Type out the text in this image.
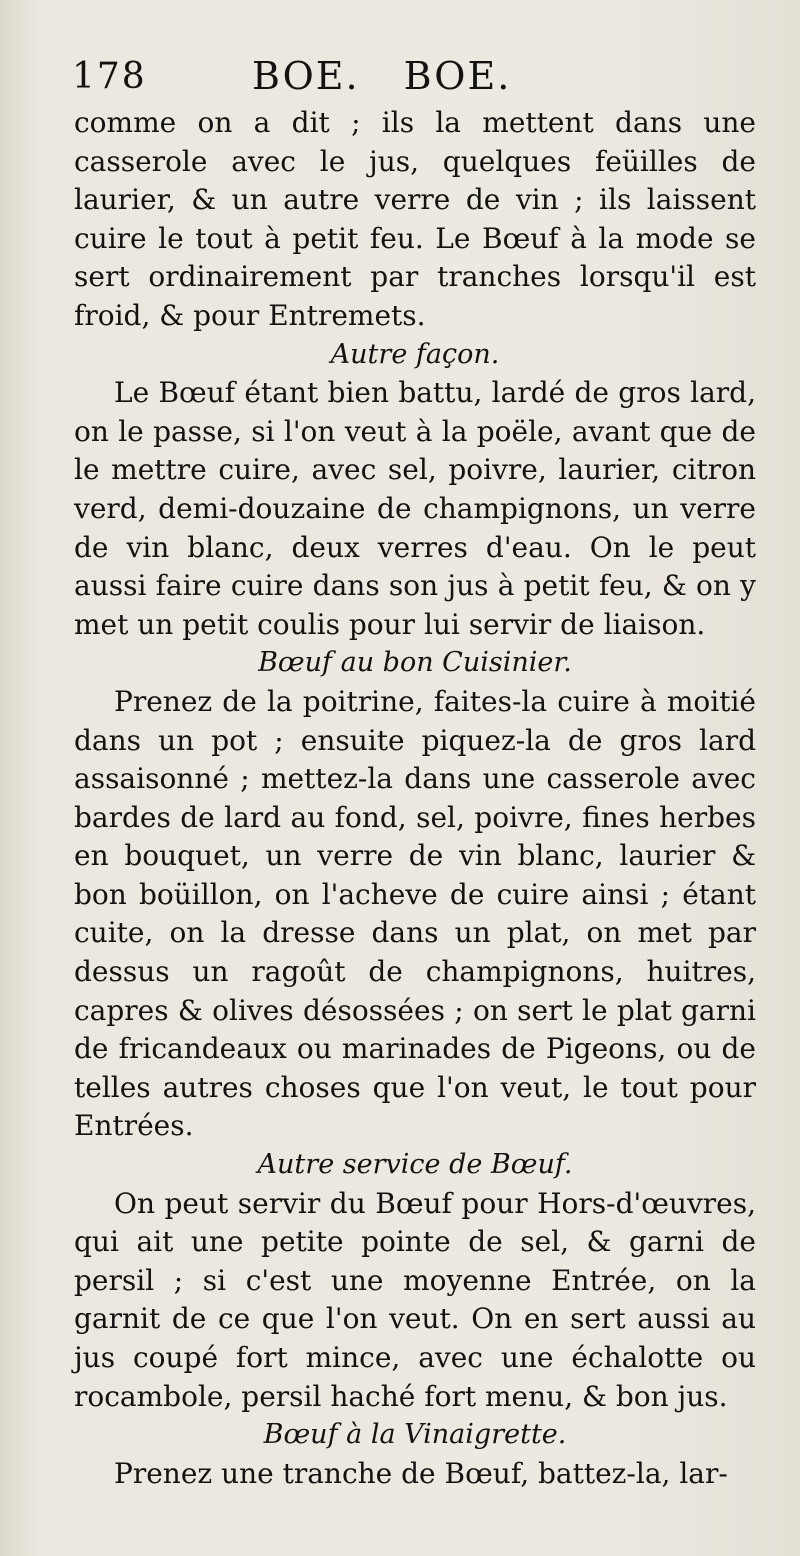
178	BOE. BOE.

comme on a dit ; ils la mettent dans une casserole avec le jus, quelques feüilles de laurier, & un autre verre de vin ; ils laissent cuire le tout à petit feu. Le Bœuf à la mode se sert ordinairement par tranches lorsqu'il est froid, & pour Entremets.

Autre façon.

Le Bœuf étant bien battu, lardé de gros lard, on le passe, si l'on veut à la poële, avant que de le mettre cuire, avec sel, poivre, laurier, citron verd, demi-douzaine de champignons, un verre de vin blanc, deux verres d'eau. On le peut aussi faire cuire dans son jus à petit feu, & on y met un petit coulis pour lui servir de liaison.

Bœuf au bon Cuisinier.

Prenez de la poitrine, faites-la cuire à moitié dans un pot ; ensuite piquez-la de gros lard assaisonné ; mettez-la dans une casserole avec bardes de lard au fond, sel, poivre, fines herbes en bouquet, un verre de vin blanc, laurier & bon boüillon, on l'acheve de cuire ainsi ; étant cuite, on la dresse dans un plat, on met par dessus un ragoût de champignons, huitres, capres & olives désossées ; on sert le plat garni de fricandeaux ou marinades de Pigeons, ou de telles autres choses que l'on veut, le tout pour Entrées.

Autre service de Bœuf.

On peut servir du Bœuf pour Hors-d'œuvres, qui ait une petite pointe de sel, & garni de persil ; si c'est une moyenne Entrée, on la garnit de ce que l'on veut. On en sert aussi au jus coupé fort mince, avec une échalotte ou rocambole, persil haché fort menu, & bon jus.

Bœuf à la Vinaigrette.

Prenez une tranche de Bœuf, battez-la, lar-
